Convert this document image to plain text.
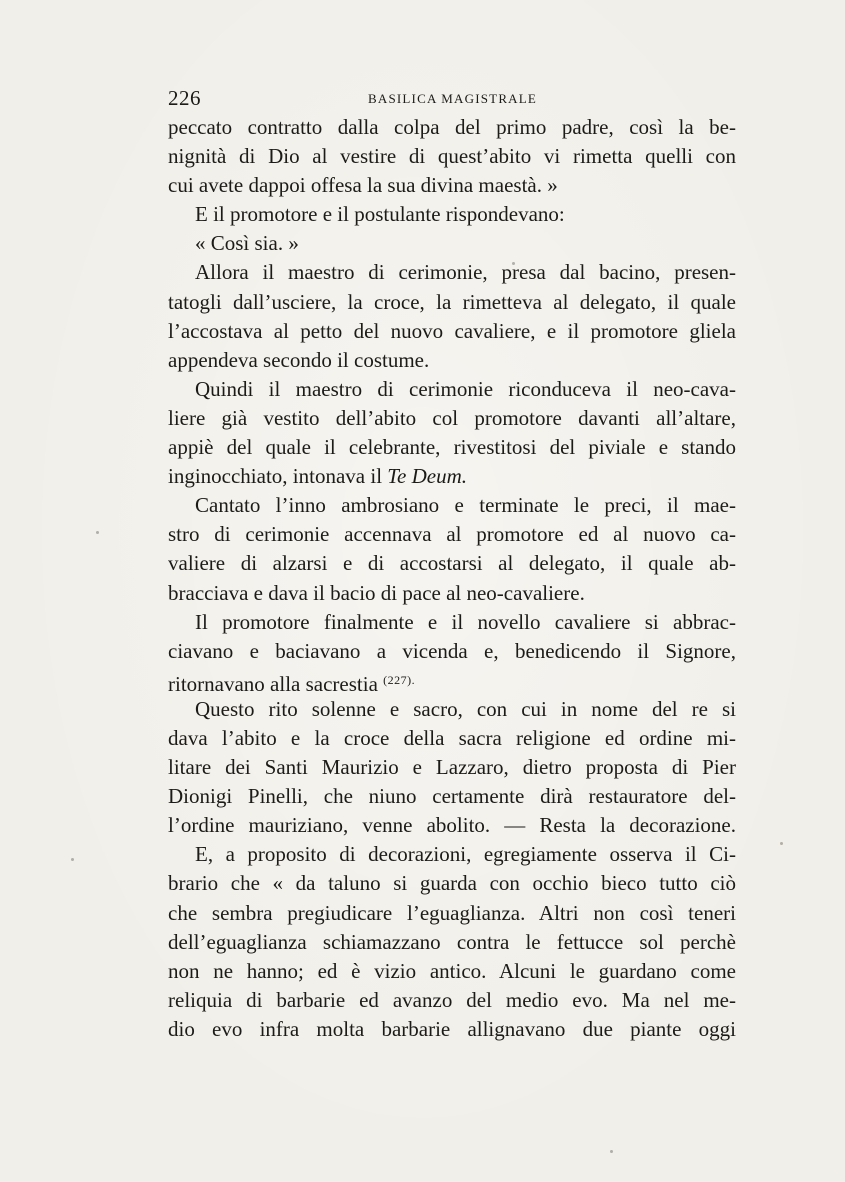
226	BASILICA MAGISTRALE
peccato contratto dalla colpa del primo padre, così la be-
nignità di Dio al vestire di quest’abito vi rimetta quelli con
cui avete dappoi offesa la sua divina maestà. »
E il promotore e il postulante rispondevano:
« Così sia. »
Allora il maestro di cerimonie, presa dal bacino, presen-
tatogli dall’usciere, la croce, la rimetteva al delegato, il quale
l’accostava al petto del nuovo cavaliere, e il promotore gliela
appendeva secondo il costume.
Quindi il maestro di cerimonie riconduceva il neo-cava-
liere già vestito dell’abito col promotore davanti all’altare,
appiè del quale il celebrante, rivestitosi del piviale e stando
inginocchiato, intonava il Te Deum.
Cantato l’inno ambrosiano e terminate le preci, il mae-
stro di cerimonie accennava al promotore ed al nuovo ca-
valiere di alzarsi e di accostarsi al delegato, il quale ab-
bracciava e dava il bacio di pace al neo-cavaliere.
Il promotore finalmente e il novello cavaliere si abbrac-
ciavano e baciavano a vicenda e, benedicendo il Signore,
ritornavano alla sacrestia $^{(227).}$
Questo rito solenne e sacro, con cui in nome del re si
dava l’abito e la croce della sacra religione ed ordine mi-
litare dei Santi Maurizio e Lazzaro, dietro proposta di Pier
Dionigi Pinelli, che niuno certamente dirà restauratore del-
l’ordine mauriziano, venne abolito. — Resta la decorazione.
E, a proposito di decorazioni, egregiamente osserva il Ci-
brario che « da taluno si guarda con occhio bieco tutto ciò
che sembra pregiudicare l’eguaglianza. Altri non così teneri
dell’eguaglianza schiamazzano contra le fettucce sol perchè
non ne hanno; ed è vizio antico. Alcuni le guardano come
reliquia di barbarie ed avanzo del medio evo. Ma nel me-
dio evo infra molta barbarie allignavano due piante oggi
